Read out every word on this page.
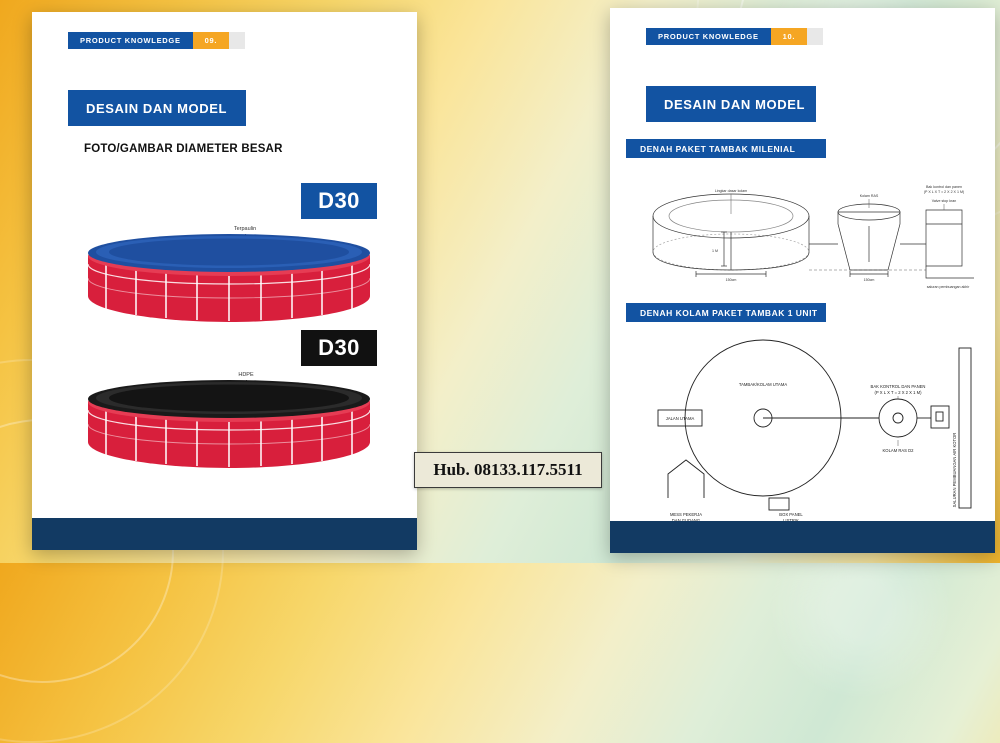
PRODUCT KNOWLEDGE	09.
DESAIN DAN MODEL
FOTO/GAMBAR DIAMETER BESAR
D30
D30
Terpaulin
HDPE
PRODUCT KNOWLEDGE	10.
DESAIN DAN MODEL
DENAH PAKET TAMBAK MILENIAL
DENAH KOLAM PAKET TAMBAK 1 UNIT
Lingkar dasar kolam
Kolam RAS
Bak kontrol dan panen
(P X L X T = 2 X 2 X 1 M)
Valve stop kran
1 M
150cm	150cm
saluran pembuangan akhir
TAMBAK/KOLAM UTAMA	BAK KONTROL DAN PANEN
(P X L X T = 2 X 2 X 1 M)
JALAN UTAMA
KOLAM RAS D2
MESS PEKERJA	BOX PANEL
SALURAN PEMBUANGAN AIR KOTOR
Hub. 08133.117.5511
